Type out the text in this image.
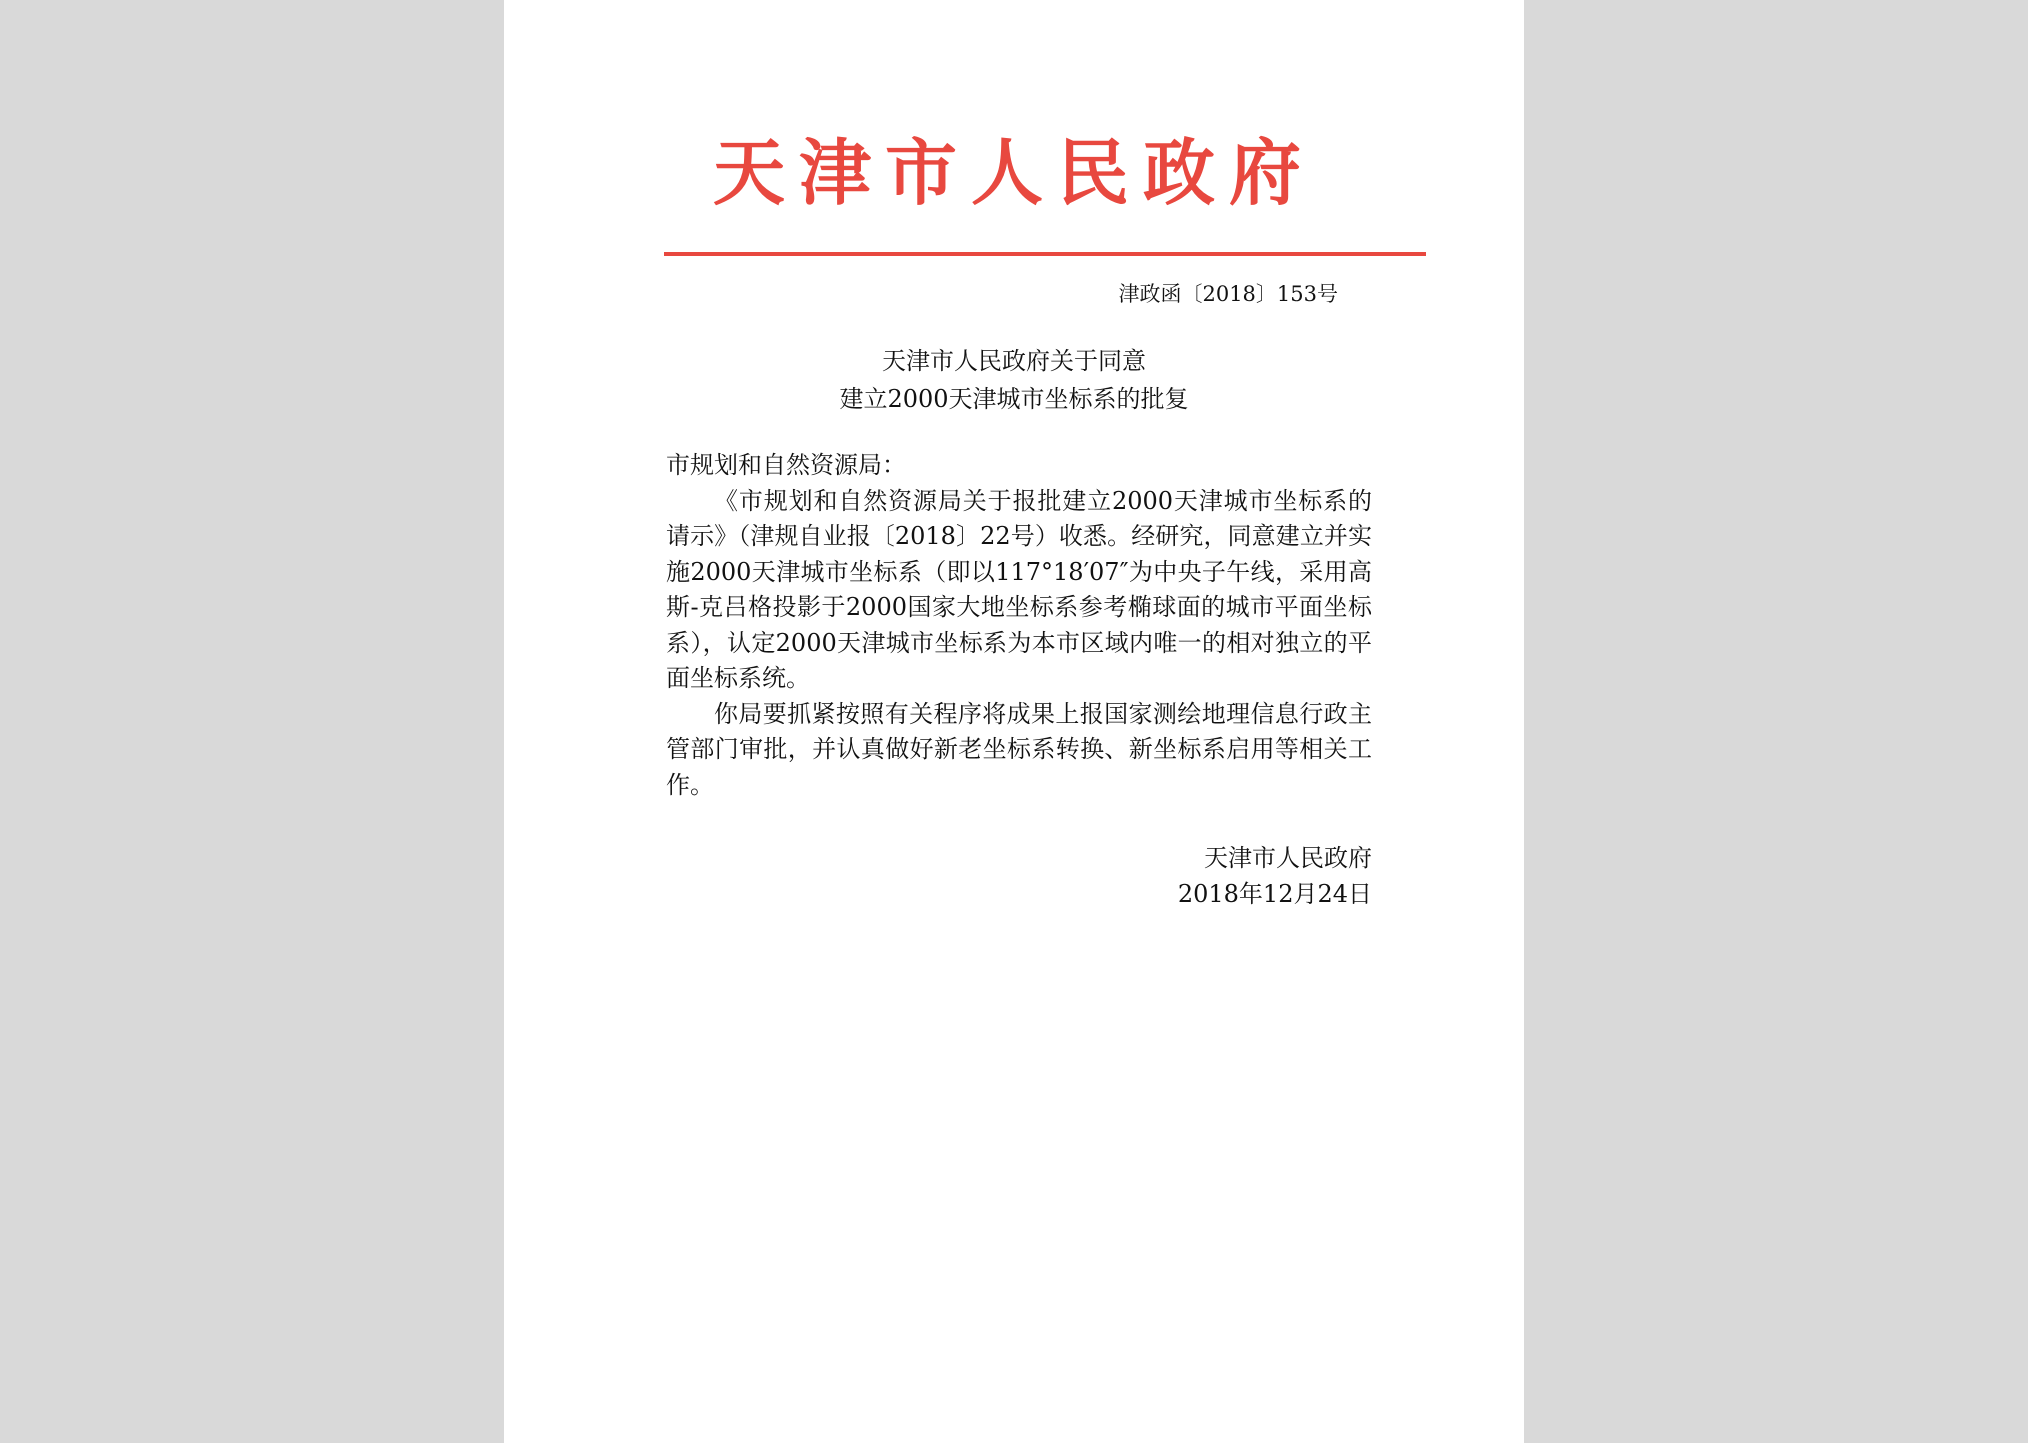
天津市人民政府
津政函〔2018〕153号
天津市人民政府关于同意
建立2000天津城市坐标系的批复

市规划和自然资源局：

《市规划和自然资源局关于报批建立2000天津城市坐标系的请示》（津规自业报〔2018〕22号）收悉。经研究，同意建立并实施2000天津城市坐标系（即以117°18′07″为中央子午线，采用高斯-克吕格投影于2000国家大地坐标系参考椭球面的城市平面坐标系），认定2000天津城市坐标系为本市区域内唯一的相对独立的平面坐标系统。

你局要抓紧按照有关程序将成果上报国家测绘地理信息行政主管部门审批，并认真做好新老坐标系转换、新坐标系启用等相关工作。

天津市人民政府
2018年12月24日
